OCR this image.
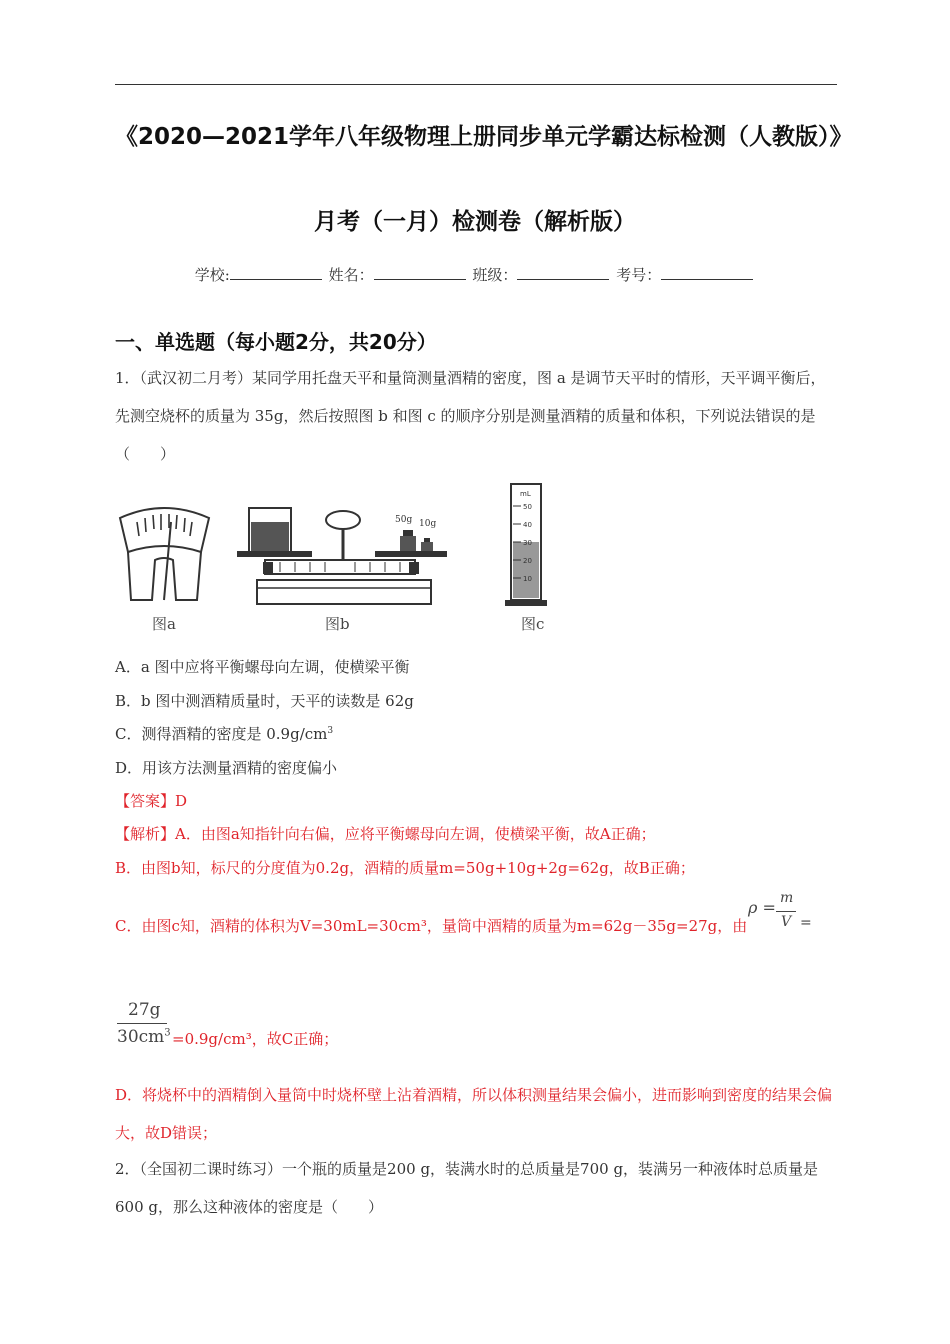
《2020—2021学年八年级物理上册同步单元学霸达标检测（人教版）》
月考（一月）检测卷（解析版）
学校:	姓名：	班级：	考号：
一、单选题（每小题2分，共20分）
1．（武汉初二月考）某同学用托盘天平和量筒测量酒精的密度，图 a 是调节天平时的情形，天平调平衡后， 先测空烧杯的质量为 35g，然后按照图 b 和图 c 的顺序分别是测量酒精的质量和体积，下列说法错误的是（　　）
图a
50g 10g
图b
mL
50
40
30
20
10
图c
A．a 图中应将平衡螺母向左调，使横梁平衡
B．b 图中测酒精质量时，天平的读数是 62g
C．测得酒精的密度是 $0.9g/cm^3$
D．用该方法测量酒精的密度偏小
【答案】D
【解析】A．由图a知指针向右偏，应将平衡螺母向左调，使横梁平衡，故A正确；
B．由图b知，标尺的分度值为0.2g，酒精的质量m=50g+10g+2g=62g，故B正确；
C．由图c知，酒精的体积为V=30mL=30cm³，量筒中酒精的质量为m=62g－35g=27g，由
ρ = m
V =
27g
$30cm^3 =0.9g/cm^3$，故C正确；
D．将烧杯中的酒精倒入量筒中时烧杯壁上沾着酒精，所以体积测量结果会偏小，进而影响到密度的结果会偏大，故D错误；
2．（全国初二课时练习）一个瓶的质量是200 g，装满水时的总质量是700 g，装满另一种液体时总质量是600 g，那么这种液体的密度是（　　）
